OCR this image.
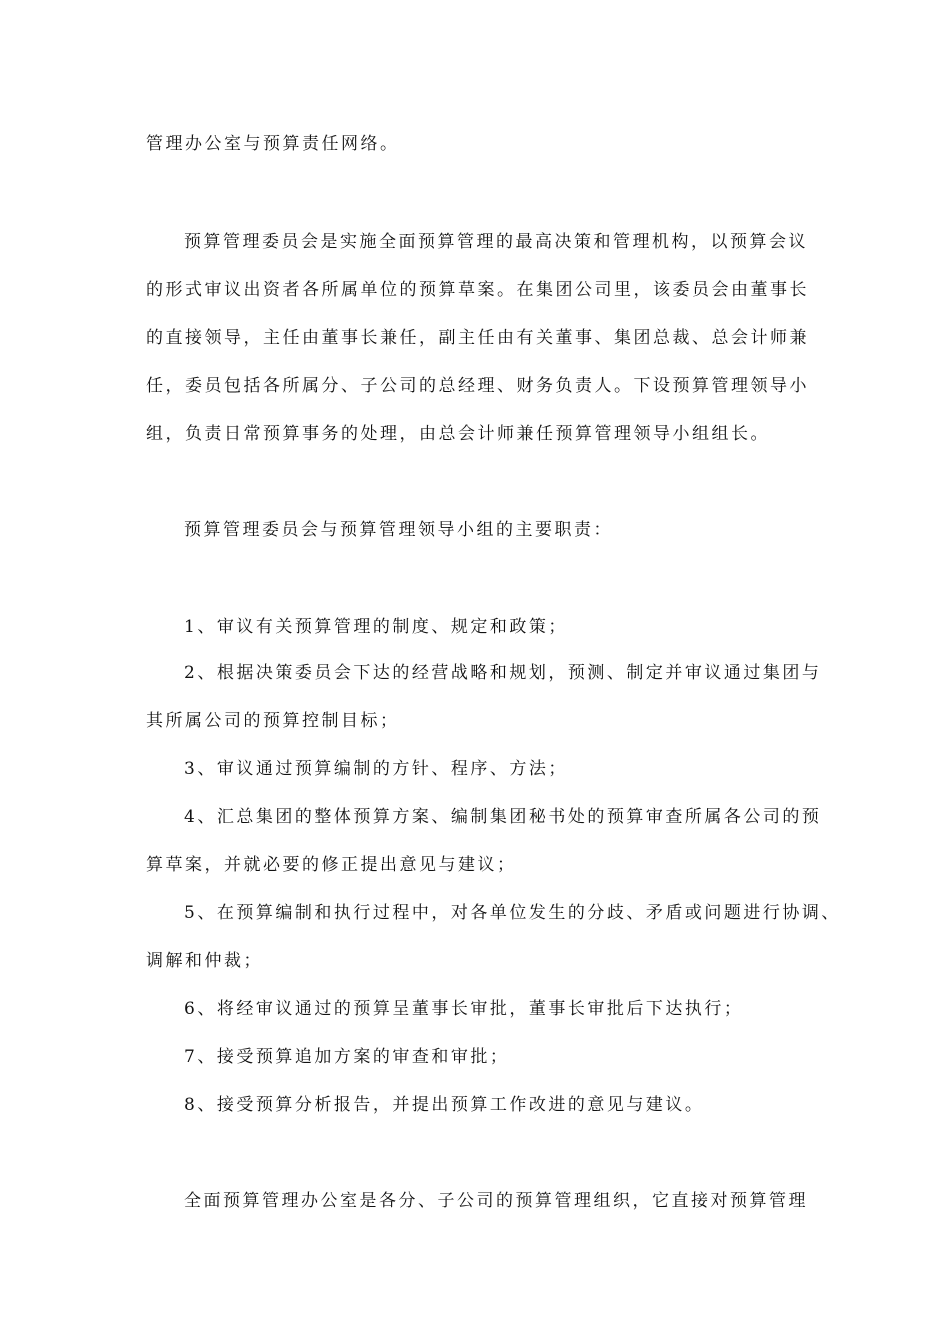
管理办公室与预算责任网络。
预算管理委员会是实施全面预算管理的最高决策和管理机构，以预算会议
的形式审议出资者各所属单位的预算草案。在集团公司里，该委员会由董事长
的直接领导，主任由董事长兼任，副主任由有关董事、集团总裁、总会计师兼
任，委员包括各所属分、子公司的总经理、财务负责人。下设预算管理领导小
组，负责日常预算事务的处理，由总会计师兼任预算管理领导小组组长。
预算管理委员会与预算管理领导小组的主要职责：
1、审议有关预算管理的制度、规定和政策；
2、根据决策委员会下达的经营战略和规划，预测、制定并审议通过集团与
其所属公司的预算控制目标；
3、审议通过预算编制的方针、程序、方法；
4、汇总集团的整体预算方案、编制集团秘书处的预算审查所属各公司的预
算草案，并就必要的修正提出意见与建议；
5、在预算编制和执行过程中，对各单位发生的分歧、矛盾或问题进行协调、
调解和仲裁；
6、将经审议通过的预算呈董事长审批，董事长审批后下达执行；
7、接受预算追加方案的审查和审批；
8、接受预算分析报告，并提出预算工作改进的意见与建议。
全面预算管理办公室是各分、子公司的预算管理组织，它直接对预算管理
